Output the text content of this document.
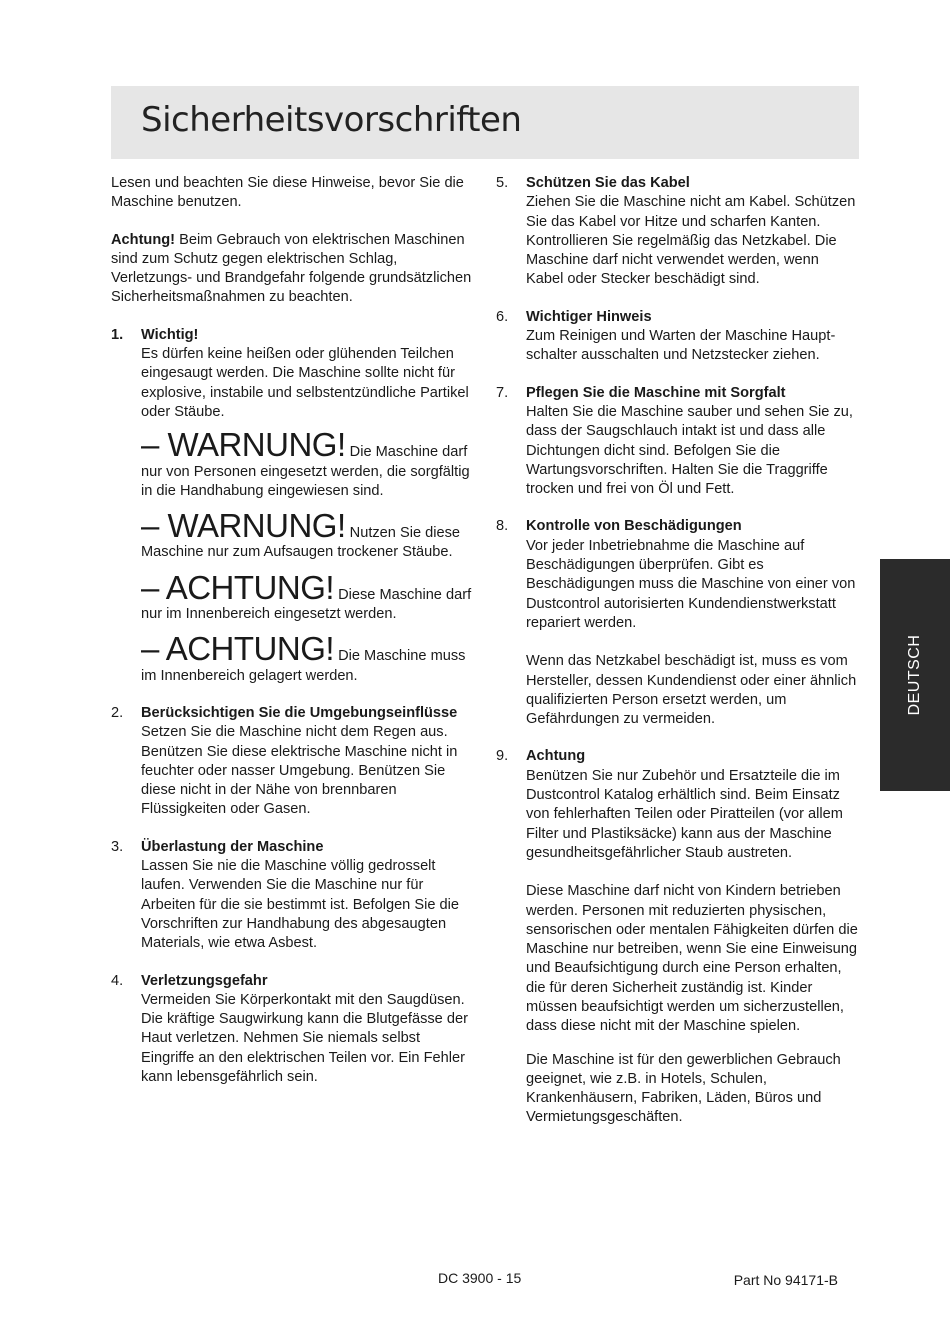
Sicherheitsvorschriften

Lesen und beachten Sie diese Hinweise, bevor Sie die Maschine benutzen.

Achtung! Beim Gebrauch von elektrischen Maschinen sind zum Schutz gegen elektrischen Schlag, Verletzungs- und Brandgefahr folgende grundsätzlichen Sicherheitsmaßnahmen zu beachten.

1. Wichtig!

Es dürfen keine heißen oder glühenden Teilchen eingesaugt werden. Die Maschine sollte nicht für explosive, instabile und selbstentzündliche Partikel oder Stäube.

– WARNUNG! Die Maschine darf nur von Personen eingesetzt werden, die sorgfältig in die Handhabung eingewiesen sind.

– WARNUNG! Nutzen Sie diese Maschine nur zum Aufsaugen trockener Stäube.

– ACHTUNG! Diese Maschine darf nur im Innenbereich eingesetzt werden.

– ACHTUNG! Die Maschine muss im Innenbereich gelagert werden.

2. Berücksichtigen Sie die Umgebungseinflüsse

Setzen Sie die Maschine nicht dem Regen aus. Benützen Sie diese elektrische Maschine nicht in feuchter oder nasser Umgebung. Benützen Sie diese nicht in der Nähe von brennbaren Flüssigkeiten oder Gasen.

3. Überlastung der Maschine

Lassen Sie nie die Maschine völlig gedrosselt laufen. Verwenden Sie die Maschine nur für Arbeiten für die sie bestimmt ist. Befolgen Sie die Vorschriften zur Handhabung des abgesaugten Materials, wie etwa Asbest.

4. Verletzungsgefahr

Vermeiden Sie Körperkontakt mit den Saugdüsen. Die kräftige Saugwirkung kann die Blutgefässe der Haut verletzen. Nehmen Sie niemals selbst Eingriffe an den elektrischen Teilen vor. Ein Fehler kann lebensgefährlich sein.

5. Schützen Sie das Kabel

Ziehen Sie die Maschine nicht am Kabel. Schützen Sie das Kabel vor Hitze und scharfen Kanten. Kontrollieren Sie regelmäßig das Netzkabel. Die Maschine darf nicht verwendet werden, wenn Kabel oder Stecker beschädigt sind.

6. Wichtiger Hinweis

Zum Reinigen und Warten der Maschine Haupt-schalter ausschalten und Netzstecker ziehen.

7. Pflegen Sie die Maschine mit Sorgfalt

Halten Sie die Maschine sauber und sehen Sie zu, dass der Saugschlauch intakt ist und dass alle Dichtungen dicht sind. Befolgen Sie die Wartungsvorschriften. Halten Sie die Traggriffe trocken und frei von Öl und Fett.

8. Kontrolle von Beschädigungen

Vor jeder Inbetriebnahme die Maschine auf Beschädigungen überprüfen. Gibt es Beschädigungen muss die Maschine von einer von Dustcontrol autorisierten Kundendienstwerkstatt repariert werden.

Wenn das Netzkabel beschädigt ist, muss es vom Hersteller, dessen Kundendienst oder einer ähnlich qualifizierten Person ersetzt werden, um Gefährdungen zu vermeiden.

9. Achtung

Benützen Sie nur Zubehör und Ersatzteile die im Dustcontrol Katalog erhältlich sind. Beim Einsatz von fehlerhaften Teilen oder Piratteilen (vor allem Filter und Plastiksäcke) kann aus der Maschine gesundheitsgefährlicher Staub austreten.

Diese Maschine darf nicht von Kindern betrieben werden. Personen mit reduzierten physischen, sensorischen oder mentalen Fähigkeiten dürfen die Maschine nur betreiben, wenn Sie eine Einweisung und Beaufsichtigung durch eine Person erhalten, die für deren Sicherheit zuständig ist. Kinder müssen beaufsichtigt werden um sicherzustellen, dass diese nicht mit der Maschine spielen.

Die Maschine ist für den gewerblichen Gebrauch geeignet, wie z.B. in Hotels, Schulen, Krankenhäusern, Fabriken, Läden, Büros und Vermietungsgeschäften.

DEUTSCH
DC 3900 - 15	Part No 94171-B
